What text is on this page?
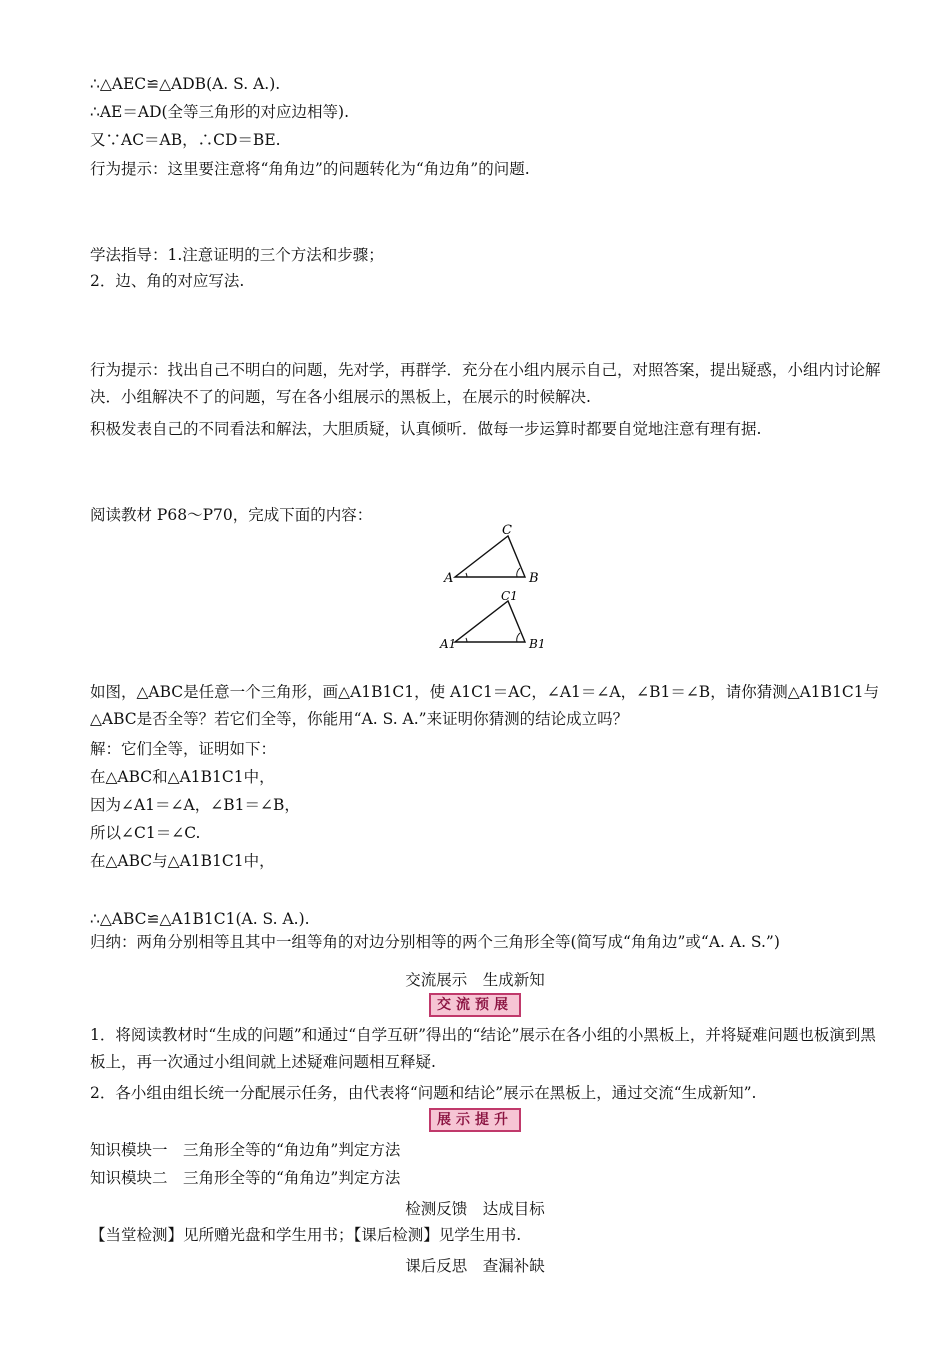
∴△AEC≌△ADB(A. S. A.).
∴AE＝AD(全等三角形的对应边相等).
又∵AC＝AB，∴CD＝BE.
行为提示：这里要注意将“角角边”的问题转化为“角边角”的问题.
学法指导：1.注意证明的三个方法和步骤；
2．边、角的对应写法.
行为提示：找出自己不明白的问题，先对学，再群学．充分在小组内展示自己，对照答案，提出疑惑，小组内讨论解决．小组解决不了的问题，写在各小组展示的黑板上，在展示的时候解决.
积极发表自己的不同看法和解法，大胆质疑，认真倾听．做每一步运算时都要自觉地注意有理有据.
阅读教材 P68～P70，完成下面的内容：
A	B
C
A1	B1
C1
如图，△ABC是任意一个三角形，画△A1B1C1，使 A1C1＝AC，∠A1＝∠A，∠B1＝∠B，请你猜测△A1B1C1与△ABC是否全等？若它们全等，你能用“A. S. A.”来证明你猜测的结论成立吗？
解：它们全等，证明如下：
在△ABC和△A1B1C1中，
因为∠A1＝∠A，∠B1＝∠B，
所以∠C1＝∠C.
在△ABC与△A1B1C1中，
∴△ABC≌△A1B1C1(A. S. A.).
归纳：两角分别相等且其中一组等角的对边分别相等的两个三角形全等(简写成“角角边”或“A. A. S.”)
交流展示　生成新知
交流预展
1．将阅读教材时“生成的问题”和通过“自学互研”得出的“结论”展示在各小组的小黑板上，并将疑难问题也板演到黑板上，再一次通过小组间就上述疑难问题相互释疑.
2．各小组由组长统一分配展示任务，由代表将“问题和结论”展示在黑板上，通过交流“生成新知”.
展示提升
知识模块一　三角形全等的“角边角”判定方法
知识模块二　三角形全等的“角角边”判定方法
检测反馈　达成目标
【当堂检测】见所赠光盘和学生用书；【课后检测】见学生用书.
课后反思　查漏补缺
